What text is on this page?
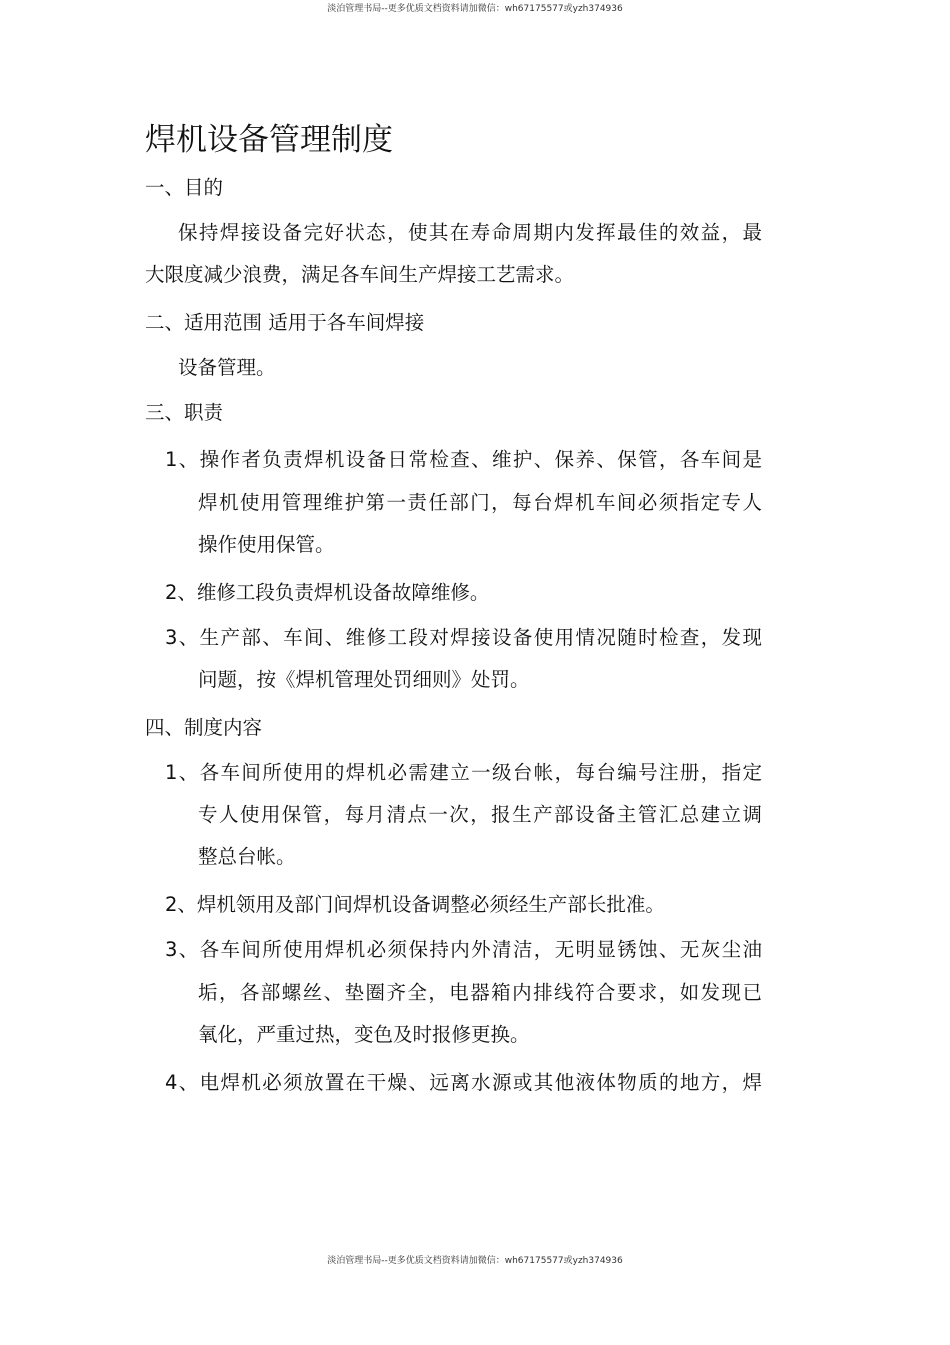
淡泊管理书局--更多优质文档资料请加微信：wh67175577或yzh374936
焊机设备管理制度
一、目的
保持焊接设备完好状态，使其在寿命周期内发挥最佳的效益，最
大限度减少浪费，满足各车间生产焊接工艺需求。
二、适用范围 适用于各车间焊接
设备管理。
三、职责
1、操作者负责焊机设备日常检查、维护、保养、保管，各车间是
焊机使用管理维护第一责任部门，每台焊机车间必须指定专人
操作使用保管。
2、维修工段负责焊机设备故障维修。
3、生产部、车间、维修工段对焊接设备使用情况随时检查，发现
问题，按《焊机管理处罚细则》处罚。
四、制度内容
1、各车间所使用的焊机必需建立一级台帐，每台编号注册，指定
专人使用保管，每月清点一次，报生产部设备主管汇总建立调
整总台帐。
2、焊机领用及部门间焊机设备调整必须经生产部长批准。
3、各车间所使用焊机必须保持内外清洁，无明显锈蚀、无灰尘油
垢，各部螺丝、垫圈齐全，电器箱内排线符合要求，如发现已
氧化，严重过热，变色及时报修更换。
4、电焊机必须放置在干燥、远离水源或其他液体物质的地方，焊
淡泊管理书局--更多优质文档资料请加微信：wh67175577或yzh374936
